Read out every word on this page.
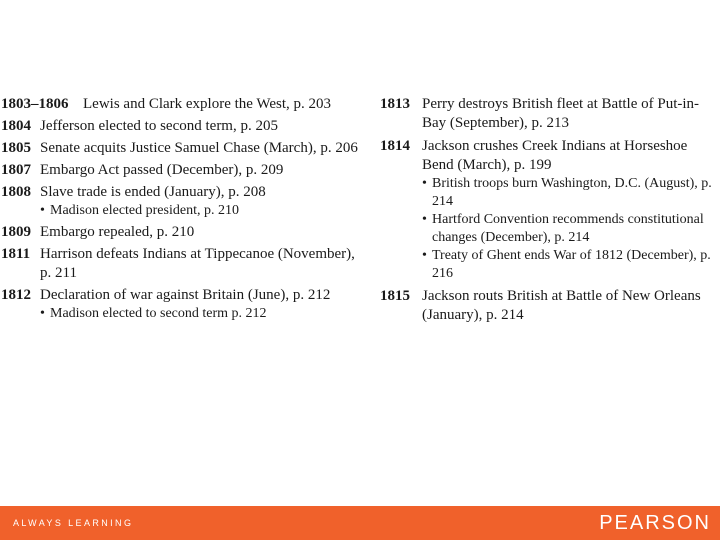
1803–1806 Lewis and Clark explore the West, p. 203
1804 Jefferson elected to second term, p. 205
1805 Senate acquits Justice Samuel Chase (March), p. 206
1807 Embargo Act passed (December), p. 209
1808 Slave trade is ended (January), p. 208
• Madison elected president, p. 210
1809 Embargo repealed, p. 210
1811 Harrison defeats Indians at Tippecanoe (November), p. 211
1812 Declaration of war against Britain (June), p. 212
• Madison elected to second term p. 212
1813 Perry destroys British fleet at Battle of Put-in-Bay (September), p. 213
1814 Jackson crushes Creek Indians at Horseshoe Bend (March), p. 199
• British troops burn Washington, D.C. (August), p. 214
• Hartford Convention recommends constitutional changes (December), p. 214
• Treaty of Ghent ends War of 1812 (December), p. 216
1815 Jackson routs British at Battle of New Orleans (January), p. 214
ALWAYS LEARNING	PEARSON
